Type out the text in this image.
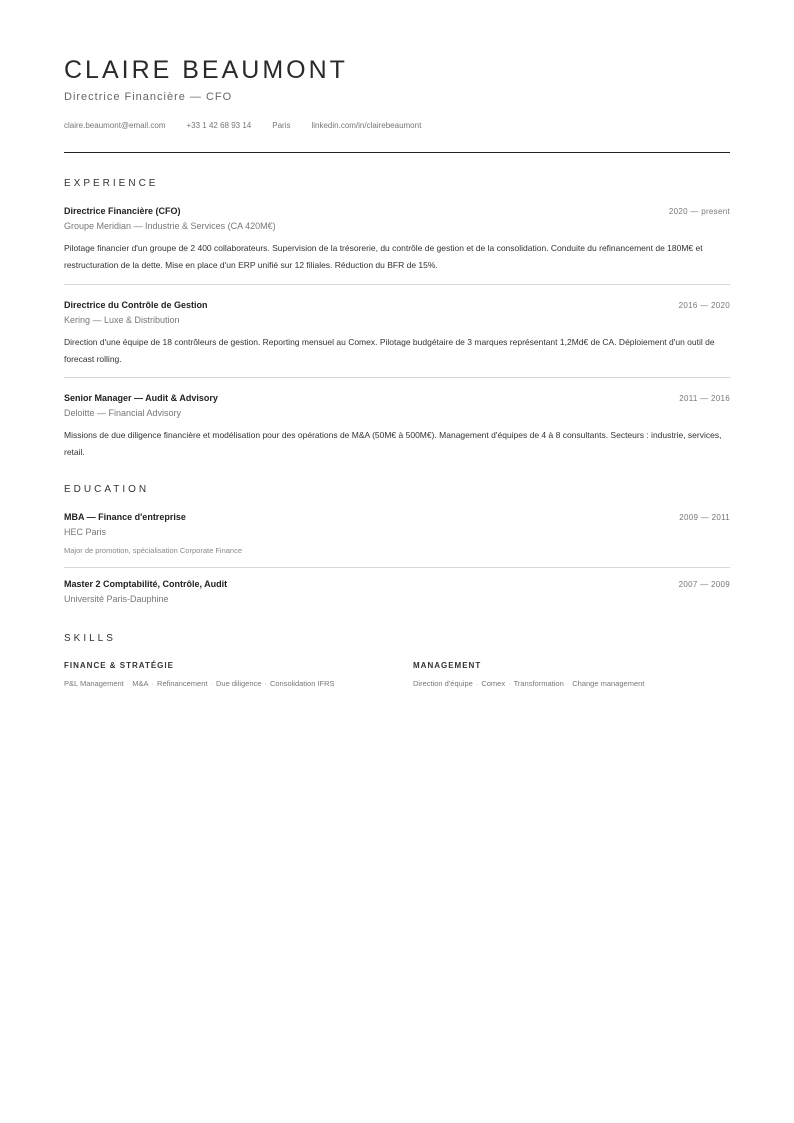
CLAIRE BEAUMONT
Directrice Financière — CFO
claire.beaumont@email.com	+33 1 42 68 93 14	Paris	linkedin.com/in/clairebeaumont
EXPERIENCE
Directrice Financière (CFO)	2020 — present
Groupe Meridian — Industrie & Services (CA 420M€)
Pilotage financier d'un groupe de 2 400 collaborateurs. Supervision de la trésorerie, du contrôle de gestion et de la consolidation. Conduite du refinancement de 180M€ et restructuration de la dette. Mise en place d'un ERP unifié sur 12 filiales. Réduction du BFR de 15%.
Directrice du Contrôle de Gestion	2016 — 2020
Kering — Luxe & Distribution
Direction d'une équipe de 18 contrôleurs de gestion. Reporting mensuel au Comex. Pilotage budgétaire de 3 marques représentant 1,2Md€ de CA. Déploiement d'un outil de forecast rolling.
Senior Manager — Audit & Advisory	2011 — 2016
Deloitte — Financial Advisory
Missions de due diligence financière et modélisation pour des opérations de M&A (50M€ à 500M€). Management d'équipes de 4 à 8 consultants. Secteurs : industrie, services, retail.
EDUCATION
MBA — Finance d'entreprise	2009 — 2011
HEC Paris
Major de promotion, spécialisation Corporate Finance
Master 2 Comptabilité, Contrôle, Audit	2007 — 2009
Université Paris-Dauphine
SKILLS
FINANCE & STRATÉGIE
P&L Management · M&A · Refinancement · Due diligence · Consolidation IFRS
MANAGEMENT
Direction d'équipe · Comex · Transformation · Change management
